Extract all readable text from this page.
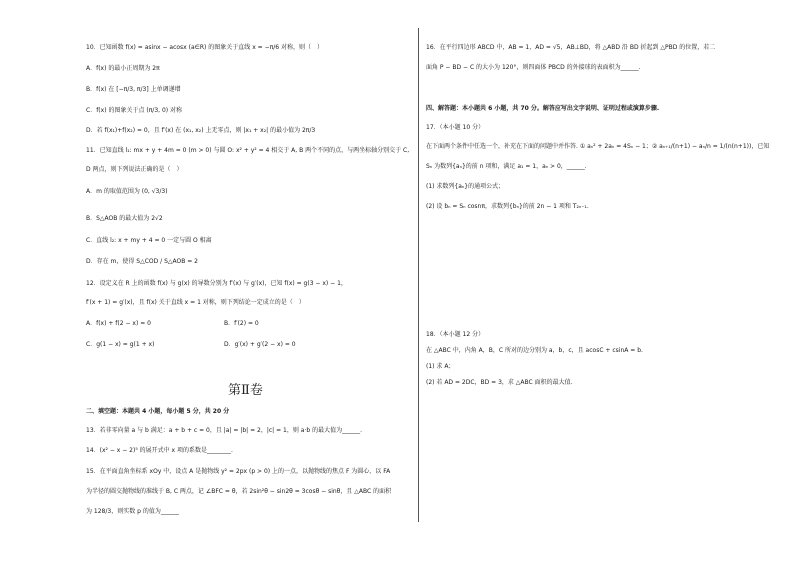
10．已知函数 f(x) = asinx − acosx (a∈R) 的图象关于直线 x = −π/6 对称，则（　）
A．f(x) 的最小正周期为 2π
B．f(x) 在 [−π/3, π/3] 上单调递增
C．f(x) 的图象关于点 (π/3, 0) 对称
D．若 f(x₁)+f(x₂) = 0，且 f′(x) 在 (x₁, x₂) 上无零点，则 |x₁ + x₂| 的最小值为 2π/3
11．已知直线 l₁: mx + y + 4m = 0 (m > 0) 与圆 O: x² + y² = 4 相交于 A, B 两个不同的点，与两坐标轴分别交于 C,
D 两点，则下列说法正确的是（　）
A．m 的取值范围为 (0, √3/3)
B．S△AOB 的最大值为 2√2
C．直线 l₂: x + my + 4 = 0 一定与圆 O 相离
D．存在 m，使得 S△COD / S△AOB = 2
12．设定义在 R 上的函数 f(x) 与 g(x) 的导数分别为 f′(x) 与 g′(x)，已知 f(x) = g(3 − x) − 1，
f′(x + 1) = g′(x)，且 f(x) 关于直线 x = 1 对称，则下列结论一定成立的是（　）
A．f(x) + f(2 − x) = 0	B．f′(2) = 0
C．g(1 − x) = g(1 + x)	D．g′(x) + g′(2 − x) = 0
第Ⅱ卷
二、填空题：本题共 4 小题，每小题 5 分，共 20 分
13．若非零向量 a 与 b 满足：a + b + c = 0，且 |a| = |b| = 2，|c| = 1，则 a·b 的最大值为______.
14．(x² − x − 2)⁵ 的展开式中 x 项的系数是________.
15．在平面直角坐标系 xOy 中，设点 A 是抛物线 y² = 2px (p > 0) 上的一点，以抛物线的焦点 F 为圆心、以 FA
为半径的圆交抛物线的准线于 B, C 两点，记 ∠BFC = θ，若 2sin²θ − sin2θ = 3cosθ − sinθ，且 △ABC 的面积
为 128/3，则实数 p 的值为______
16．在平行四边形 ABCD 中，AB = 1，AD = √5，AB⊥BD，将 △ABD 沿 BD 折起到 △PBD 的位置，若二
面角 P − BD − C 的大小为 120°，则四面体 PBCD 的外接球的表面积为______.
四、解答题：本小题共 6 小题，共 70 分。解答应写出文字说明、证明过程或演算步骤.
17．（本小题 10 分）
在下面两个条件中任选一个，补充在下面的问题中并作答. ① aₙ² + 2aₙ = 4Sₙ − 1；② aₙ₊₁/(n+1) − aₙ/n = 1/(n(n+1))，已知
Sₙ 为数列{aₙ}的前 n 项和，满足 a₁ = 1，aₙ > 0，______.
(1) 求数列{aₙ}的通项公式；
(2) 设 bₙ = Sₙ cosnπ，求数列{bₙ}的前 2n − 1 项和 T₂ₙ₋₁.
18．（本小题 12 分）
在 △ABC 中，内角 A，B，C 所对的边分别为 a，b，c，且 acosC + csinA = b.
(1) 求 A；
(2) 若 AD = 2DC，BD = 3，求 △ABC 面积的最大值.
